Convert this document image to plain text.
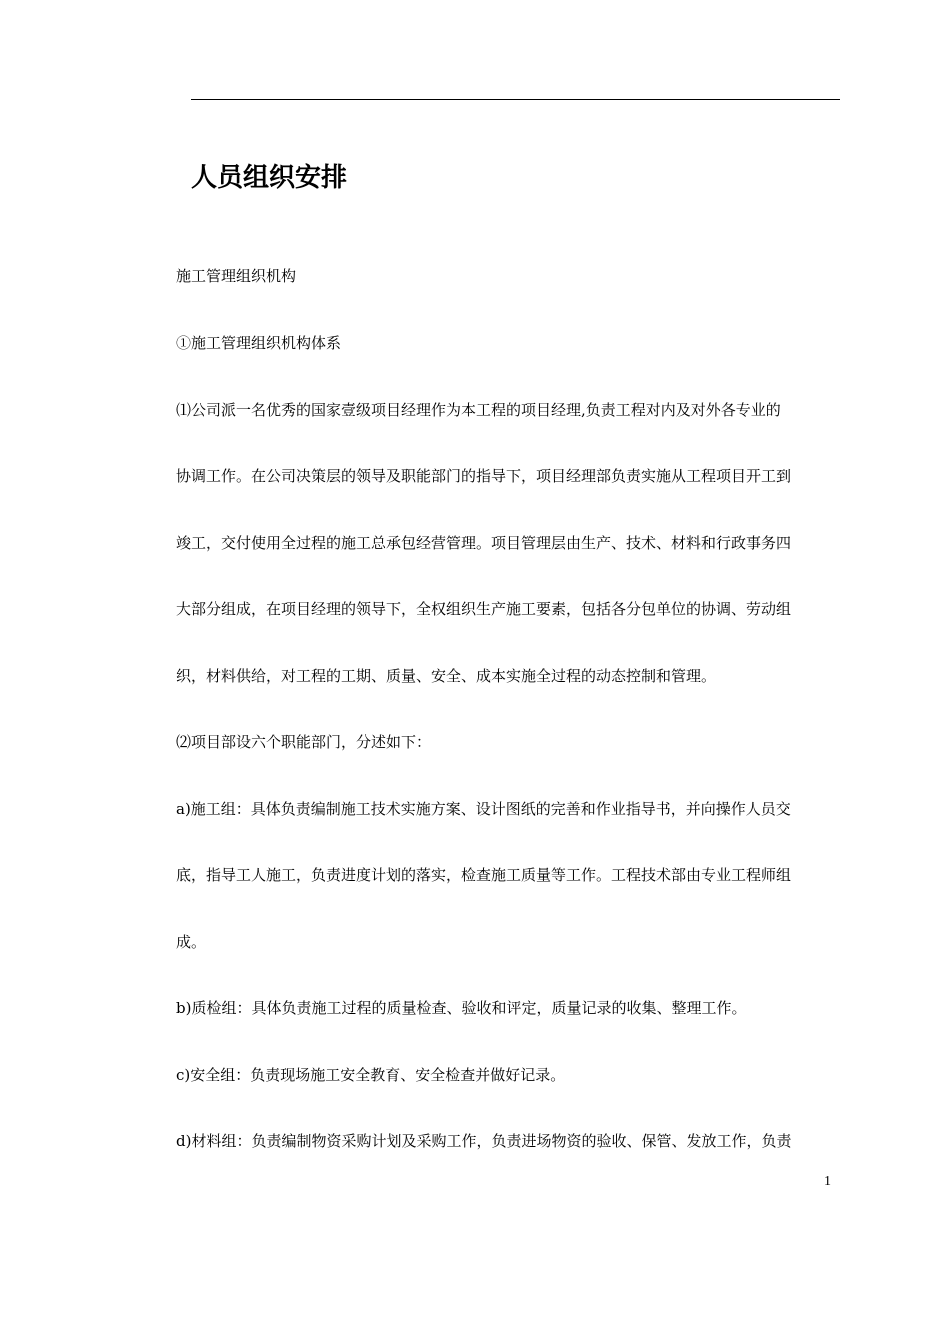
人员组织安排

施工管理组织机构

①施工管理组织机构体系

⑴公司派一名优秀的国家壹级项目经理作为本工程的项目经理,负责工程对内及对外各专业的

协调工作。在公司决策层的领导及职能部门的指导下，项目经理部负责实施从工程项目开工到

竣工，交付使用全过程的施工总承包经营管理。项目管理层由生产、技术、材料和行政事务四

大部分组成，在项目经理的领导下，全权组织生产施工要素，包括各分包单位的协调、劳动组

织，材料供给，对工程的工期、质量、安全、成本实施全过程的动态控制和管理。

⑵项目部设六个职能部门，分述如下：

a)施工组：具体负责编制施工技术实施方案、设计图纸的完善和作业指导书，并向操作人员交

底，指导工人施工，负责进度计划的落实，检查施工质量等工作。工程技术部由专业工程师组

成。

b)质检组：具体负责施工过程的质量检查、验收和评定，质量记录的收集、整理工作。

c)安全组：负责现场施工安全教育、安全检查并做好记录。

d)材料组：负责编制物资采购计划及采购工作，负责进场物资的验收、保管、发放工作，负责

1
